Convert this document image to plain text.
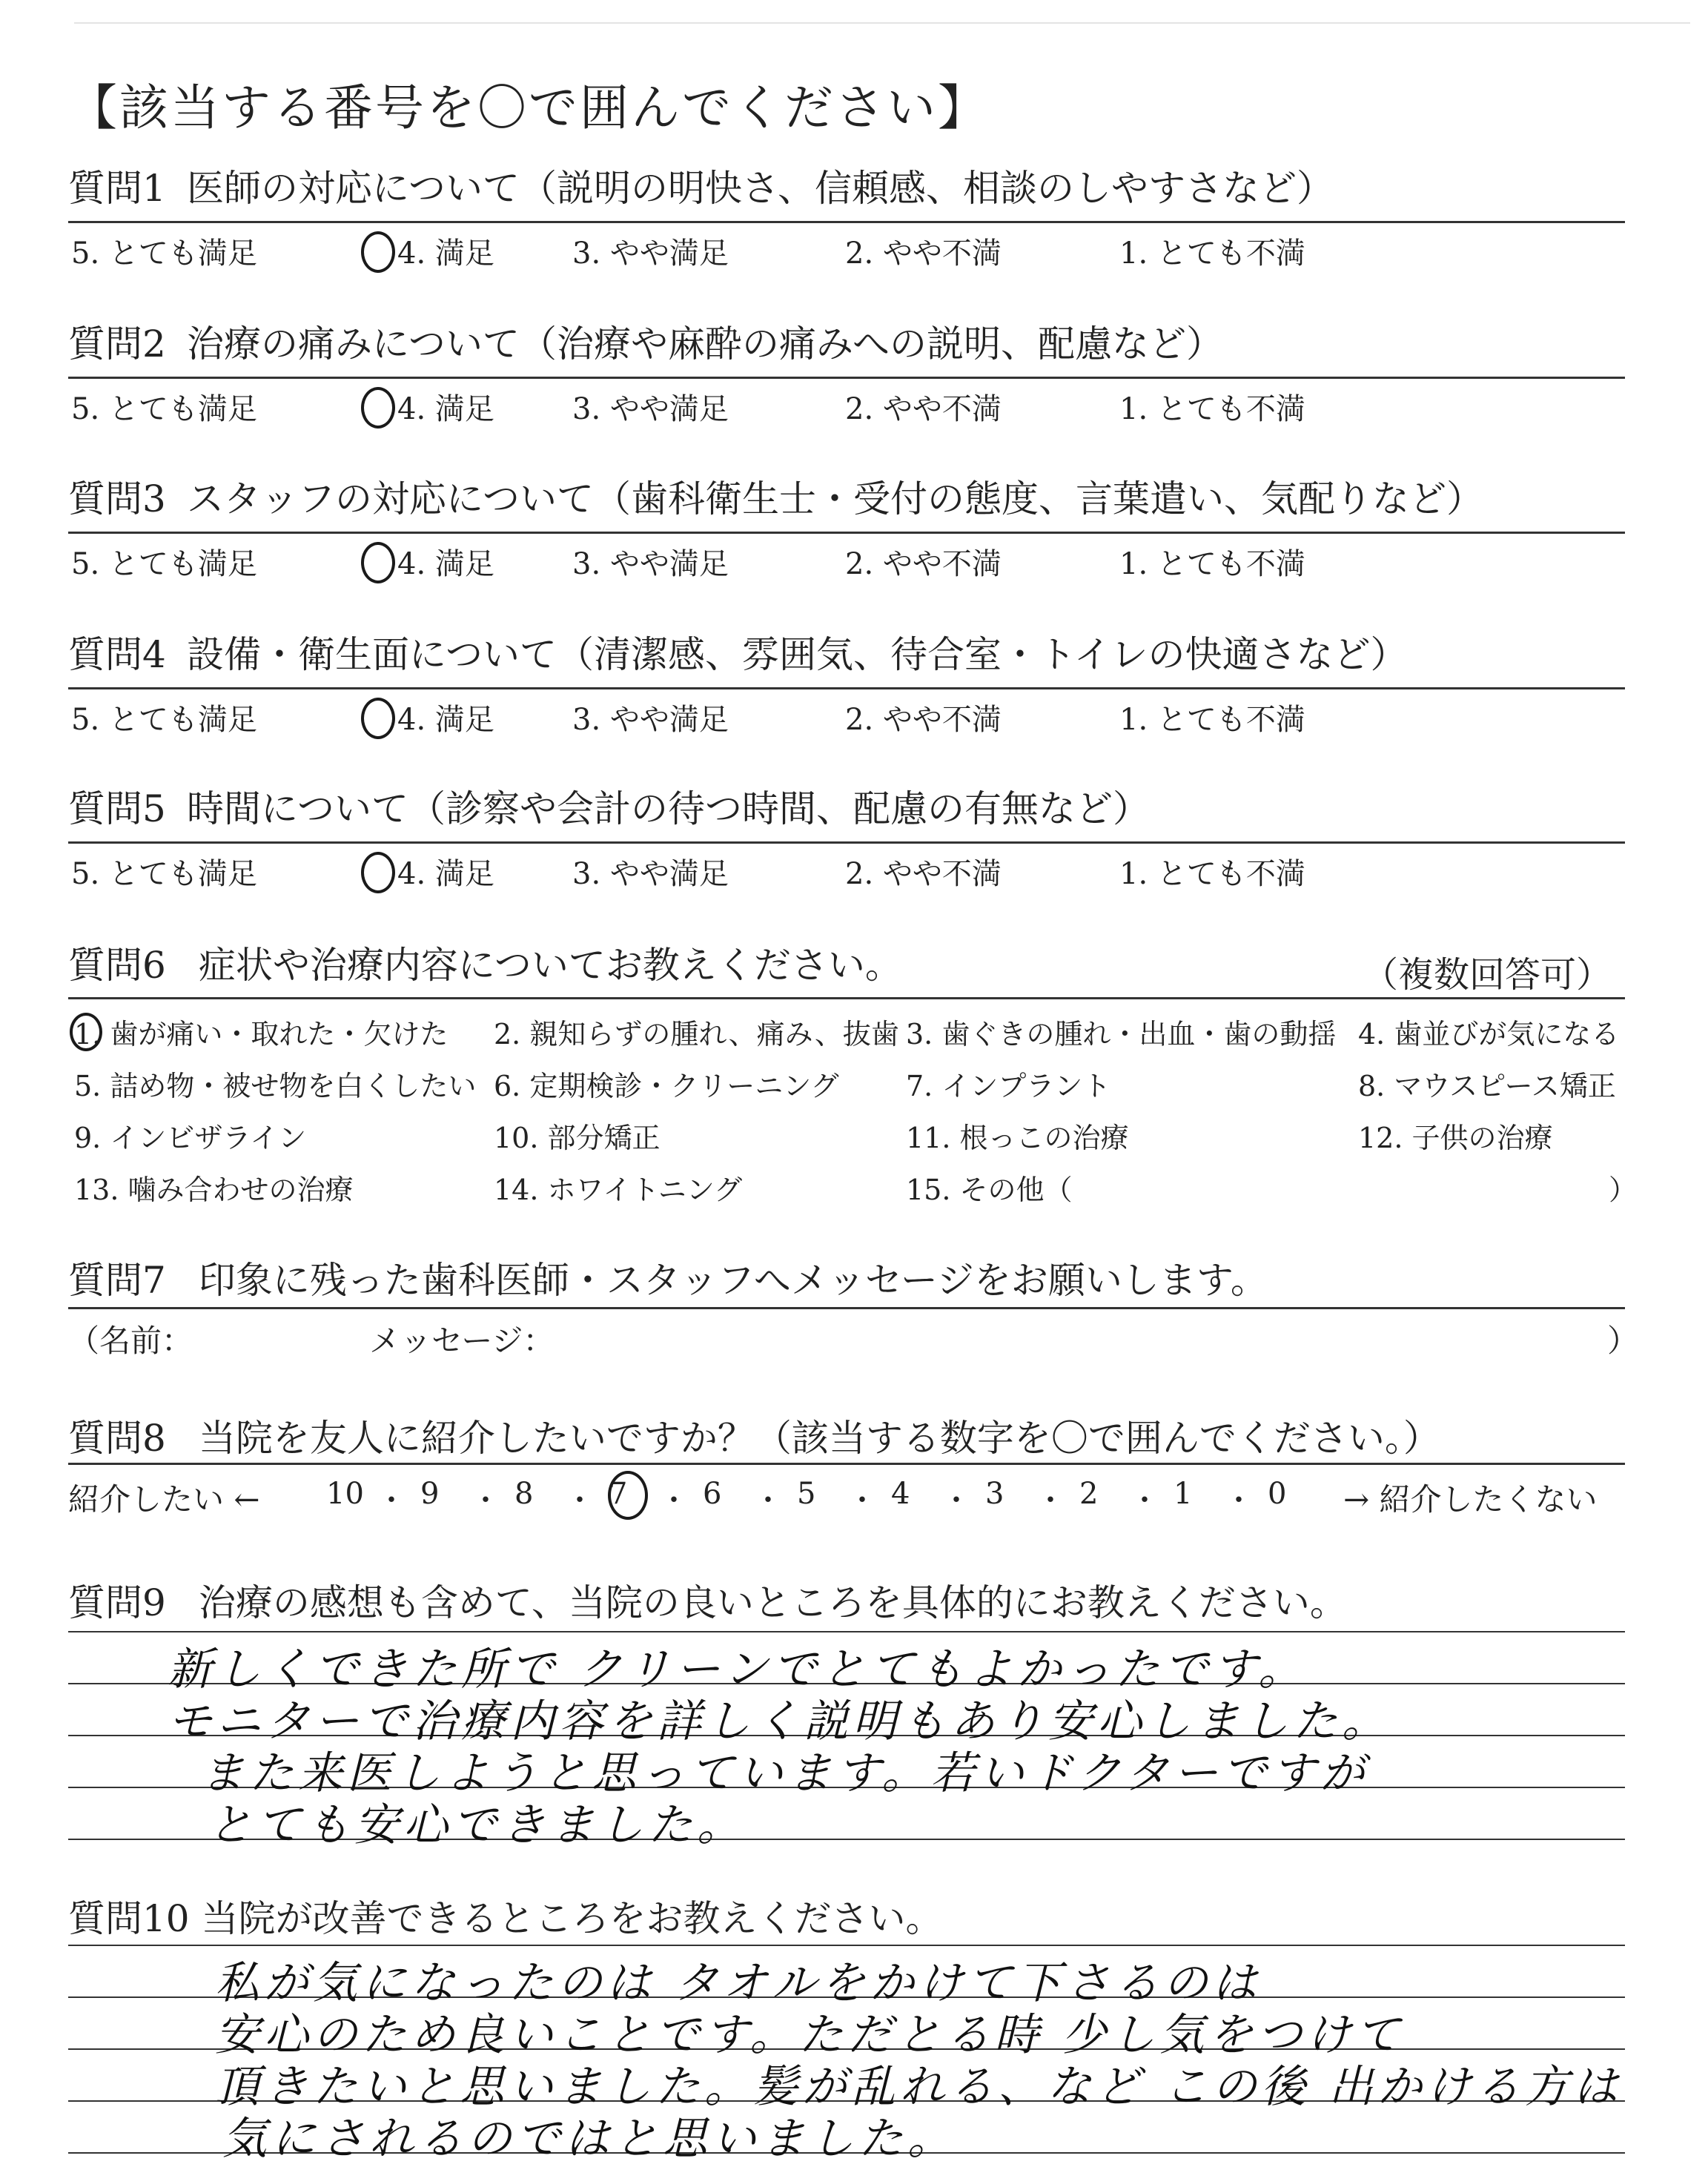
【該当する番号を〇で囲んでください】
質問1 医師の対応について（説明の明快さ、信頼感、相談のしやすさなど）
5. とても満足	4. 満足	3. やや満足	2. やや不満	1. とても不満
質問2 治療の痛みについて（治療や麻酔の痛みへの説明、配慮など）
5. とても満足	4. 満足	3. やや満足	2. やや不満	1. とても不満
質問3 スタッフの対応について（歯科衛生士・受付の態度、言葉遣い、気配りなど）
5. とても満足	4. 満足	3. やや満足	2. やや不満	1. とても不満
質問4 設備・衛生面について（清潔感、雰囲気、待合室・トイレの快適さなど）
5. とても満足	4. 満足	3. やや満足	2. やや不満	1. とても不満
質問5 時間について（診察や会計の待つ時間、配慮の有無など）
5. とても満足	4. 満足	3. やや満足	2. やや不満	1. とても不満
質問6 症状や治療内容についてお教えください。	（複数回答可）
1. 歯が痛い・取れた・欠けた 2. 親知らずの腫れ、痛み、抜歯 3. 歯ぐきの腫れ・出血・歯の動揺 4. 歯並びが気になる
5. 詰め物・被せ物を白くしたい 6. 定期検診・クリーニング 7. インプラント	8. マウスピース矯正
9. インビザライン	10. 部分矯正	11. 根っこの治療	12. 子供の治療
13. 噛み合わせの治療	14. ホワイトニング	15. その他（	）
質問7 印象に残った歯科医師・スタッフへメッセージをお願いします。
（名前：	メッセージ：	）
質問8 当院を友人に紹介したいですか？（該当する数字を〇で囲んでください。）
紹介したい ← 10 ・ 9 ・ 8 ・ 7 ・ 6 ・ 5 ・ 4 ・ 3 ・ 2 ・ 1 ・ 0 → 紹介したくない
質問9 治療の感想も含めて、当院の良いところを具体的にお教えください。
新しくできた所で クリーンでとてもよかったです。
モニターで治療内容を詳しく説明もあり安心しました。
また来医しようと思っています。若いドクターですが
とても安心できました。
質問10 当院が改善できるところをお教えください。
私が気になったのは タオルをかけて下さるのは
安心のため良いことです。ただとる時 少し気をつけて
頂きたいと思いました。髪が乱れる、など この後 出かける方は
気にされるのではと思いました。
